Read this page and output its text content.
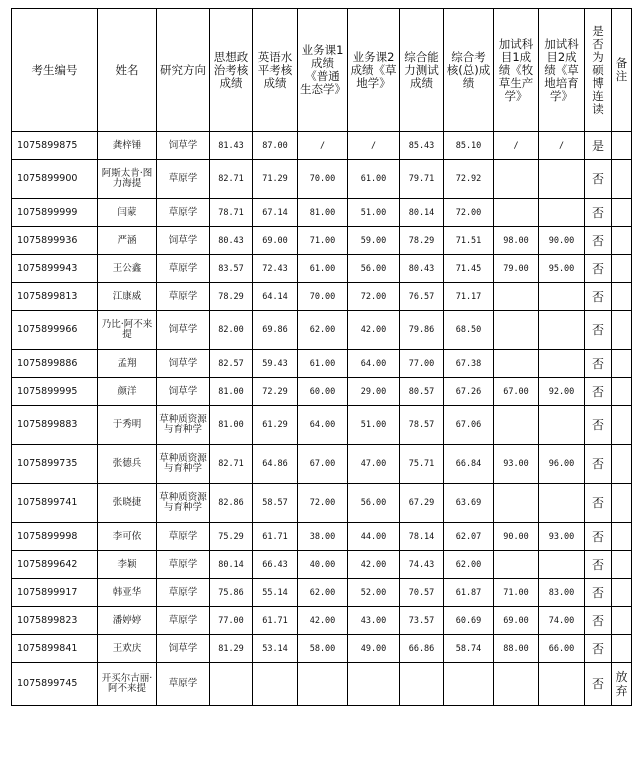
考生编号	姓名	研究方向	思想政治考核成绩	英语水平考核成绩	业务课1成绩《普通生态学》	业务课2成绩《草地学》	综合能力测试成绩	综合考核(总)成绩	加试科目1成绩《牧草生产学》	加试科目2成绩《草地培育学》	是否为硕博连读	备注
1075899875	龚梓锤	饲草学	81.43	87.00	/	/	85.43	85.10	/	/	是	
1075899900	阿斯太肯·图力海提	草原学	82.71	71.29	70.00	61.00	79.71	72.92			否	
1075899999	闫蒙	草原学	78.71	67.14	81.00	51.00	80.14	72.00			否	
1075899936	严涵	饲草学	80.43	69.00	71.00	59.00	78.29	71.51	98.00	90.00	否	
1075899943	王公鑫	草原学	83.57	72.43	61.00	56.00	80.43	71.45	79.00	95.00	否	
1075899813	江康威	草原学	78.29	64.14	70.00	72.00	76.57	71.17			否	
1075899966	乃比·阿不来提	饲草学	82.00	69.86	62.00	42.00	79.86	68.50			否	
1075899886	孟翔	饲草学	82.57	59.43	61.00	64.00	77.00	67.38			否	
1075899995	颜洋	饲草学	81.00	72.29	60.00	29.00	80.57	67.26	67.00	92.00	否	
1075899883	于秀明	草种质资源与育种学	81.00	61.29	64.00	51.00	78.57	67.06			否	
1075899735	张德兵	草种质资源与育种学	82.71	64.86	67.00	47.00	75.71	66.84	93.00	96.00	否	
1075899741	张晓捷	草种质资源与育种学	82.86	58.57	72.00	56.00	67.29	63.69			否	
1075899998	李可依	草原学	75.29	61.71	38.00	44.00	78.14	62.07	90.00	93.00	否	
1075899642	李颖	草原学	80.14	66.43	40.00	42.00	74.43	62.00			否	
1075899917	韩亚华	草原学	75.86	55.14	62.00	52.00	70.57	61.87	71.00	83.00	否	
1075899823	潘婷婷	草原学	77.00	61.71	42.00	43.00	73.57	60.69	69.00	74.00	否	
1075899841	王欢庆	饲草学	81.29	53.14	58.00	49.00	66.86	58.74	88.00	66.00	否	
1075899745	开买尔古丽·阿不来提	草原学									否	放弃
